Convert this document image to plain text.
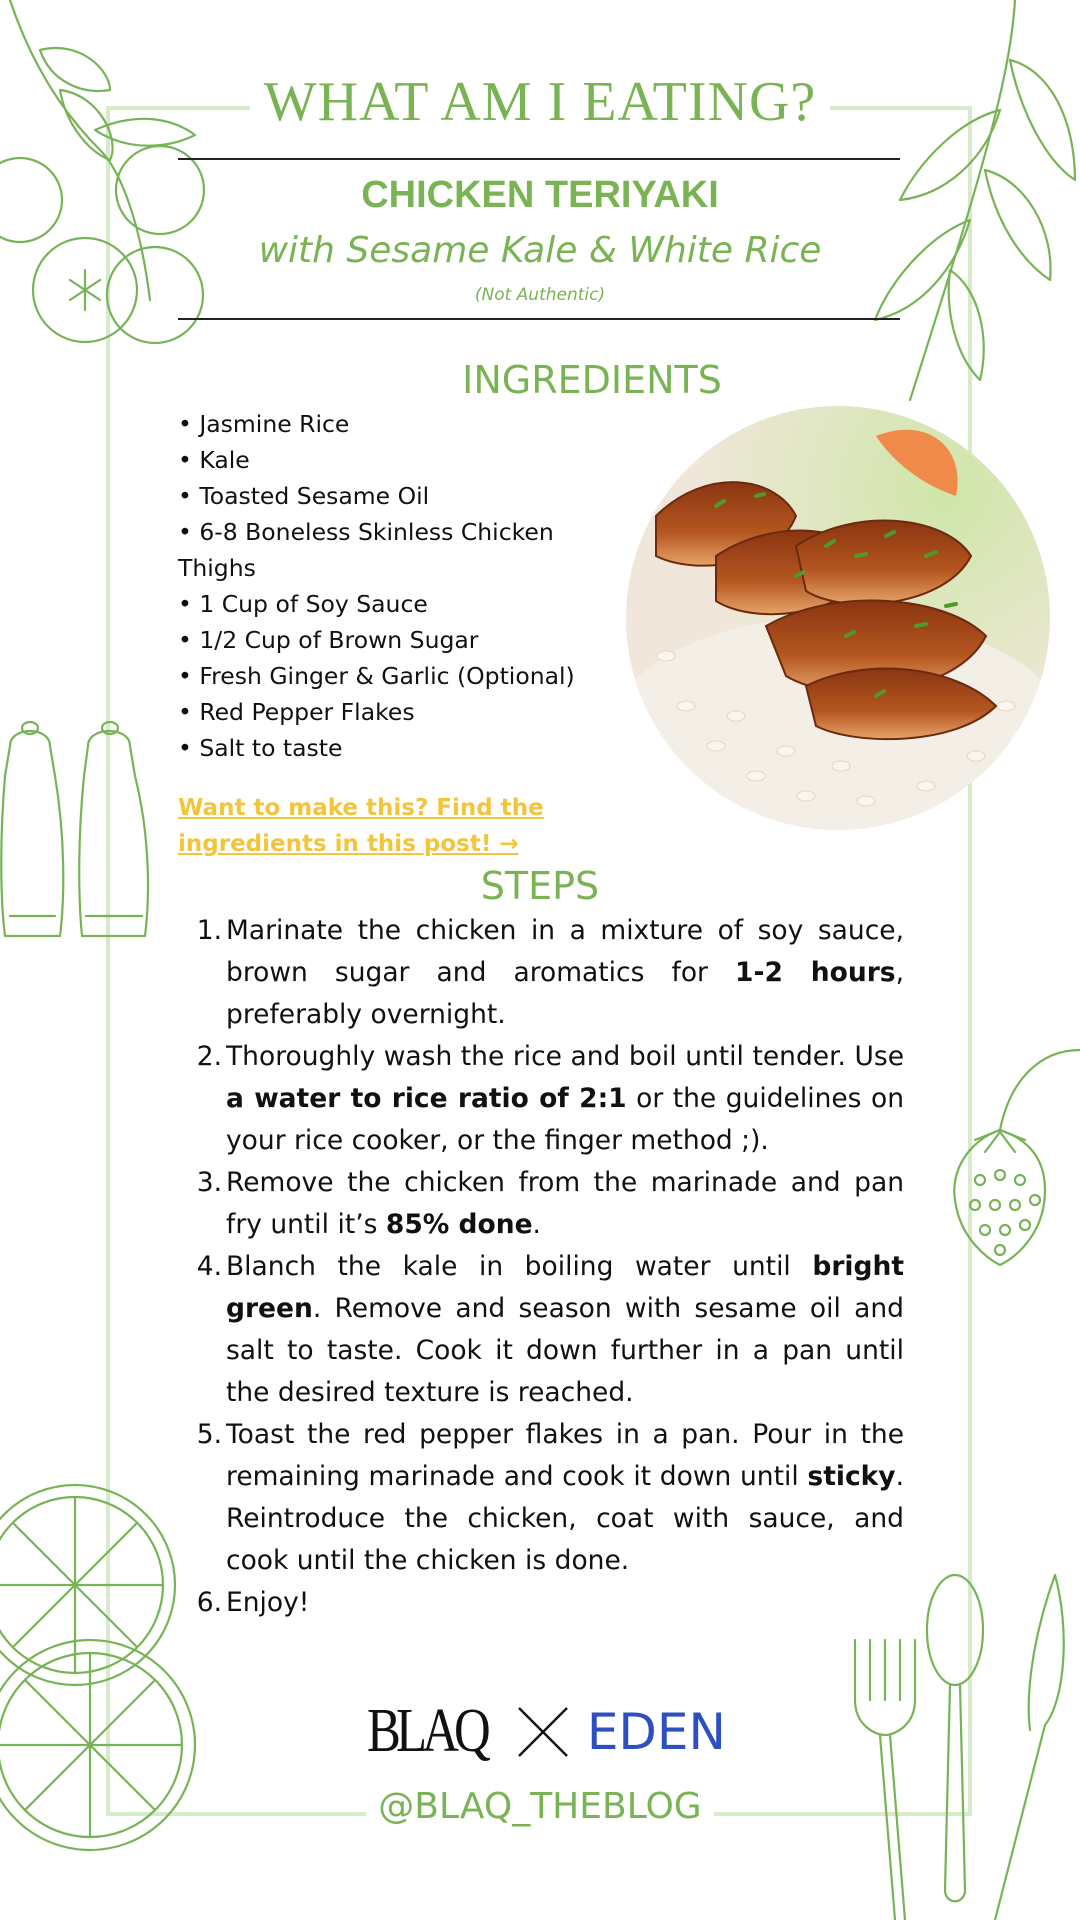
WHAT AM I EATING?
CHICKEN TERIYAKI
with Sesame Kale & White Rice
(Not Authentic)
INGREDIENTS
• Jasmine Rice
• Kale
• Toasted Sesame Oil
• 6-8 Boneless Skinless Chicken Thighs
• 1 Cup of Soy Sauce
• 1/2 Cup of Brown Sugar
• Fresh Ginger & Garlic (Optional)
• Red Pepper Flakes
• Salt to taste
Want to make this? Find the ingredients in this post! →
STEPS
1. Marinate the chicken in a mixture of soy sauce, brown sugar and aromatics for 1-2 hours, preferably overnight.
2. Thoroughly wash the rice and boil until tender. Use a water to rice ratio of 2:1 or the guidelines on your rice cooker, or the finger method ;).
3. Remove the chicken from the marinade and pan fry until it’s 85% done.
4. Blanch the kale in boiling water until bright green. Remove and season with sesame oil and salt to taste. Cook it down further in a pan until the desired texture is reached.
5. Toast the red pepper flakes in a pan. Pour in the remaining marinade and cook it down until sticky. Reintroduce the chicken, coat with sauce, and cook until the chicken is done.
6. Enjoy!
BLAQ EDEN
@BLAQ_THEBLOG
